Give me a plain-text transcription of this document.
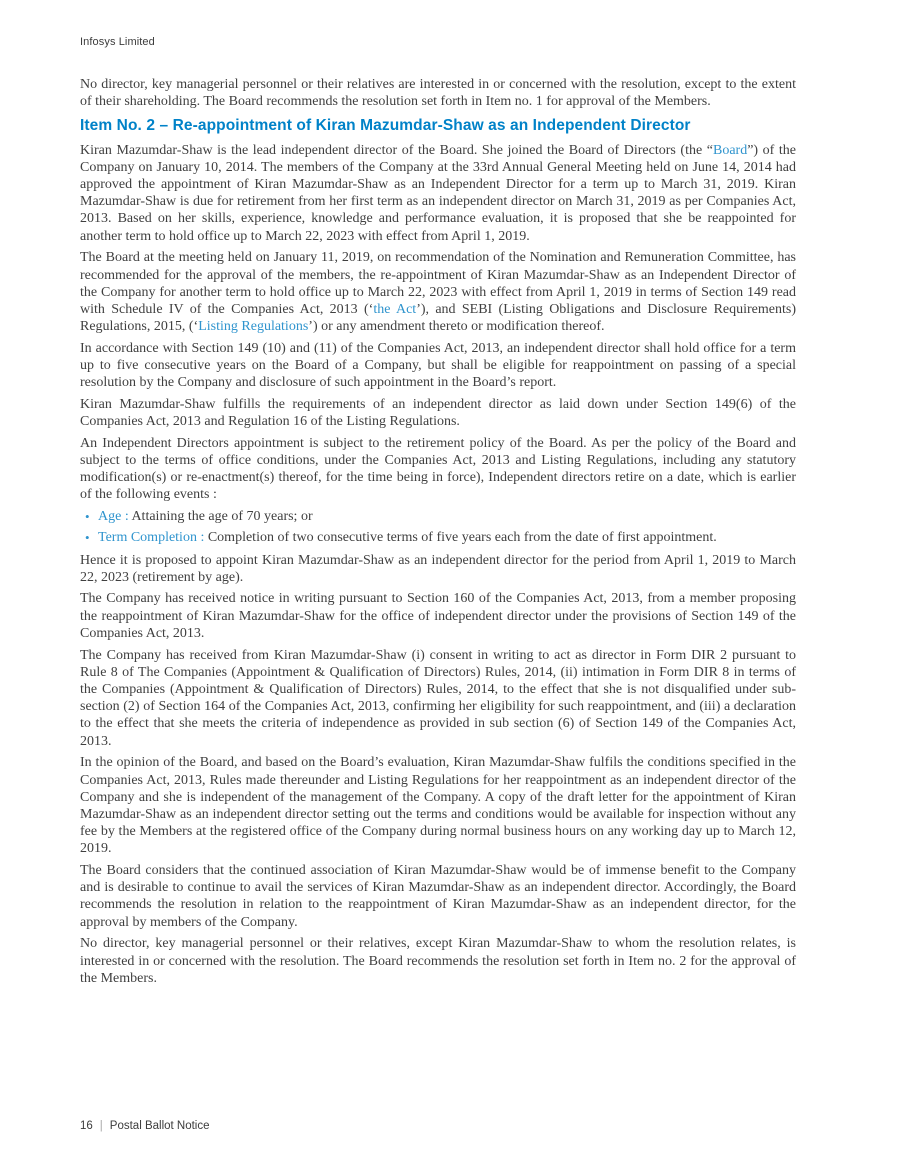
Infosys Limited

No director, key managerial personnel or their relatives are interested in or concerned with the resolution, except to the extent of their shareholding. The Board recommends the resolution set forth in Item no. 1 for approval of the Members.

Item No. 2 – Re-appointment of Kiran Mazumdar-Shaw as an Independent Director

Kiran Mazumdar-Shaw is the lead independent director of the Board. She joined the Board of Directors (the “Board”) of the Company on January 10, 2014. The members of the Company at the 33rd Annual General Meeting held on June 14, 2014 had approved the appointment of Kiran Mazumdar-Shaw as an Independent Director for a term up to March 31, 2019. Kiran Mazumdar-Shaw is due for retirement from her first term as an independent director on March 31, 2019 as per Companies Act, 2013. Based on her skills, experience, knowledge and performance evaluation, it is proposed that she be reappointed for another term to hold office up to March 22, 2023 with effect from April 1, 2019.

The Board at the meeting held on January 11, 2019, on recommendation of the Nomination and Remuneration Committee, has recommended for the approval of the members, the re-appointment of Kiran Mazumdar-Shaw as an Independent Director of the Company for another term to hold office up to March 22, 2023 with effect from April 1, 2019 in terms of Section 149 read with Schedule IV of the Companies Act, 2013 (‘the Act’), and SEBI (Listing Obligations and Disclosure Requirements) Regulations, 2015, (‘Listing Regulations’) or any amendment thereto or modification thereof.

In accordance with Section 149 (10) and (11) of the Companies Act, 2013, an independent director shall hold office for a term up to five consecutive years on the Board of a Company, but shall be eligible for reappointment on passing of a special resolution by the Company and disclosure of such appointment in the Board’s report.

Kiran Mazumdar-Shaw fulfills the requirements of an independent director as laid down under Section 149(6) of the Companies Act, 2013 and Regulation 16 of the Listing Regulations.

An Independent Directors appointment is subject to the retirement policy of the Board. As per the policy of the Board and subject to the terms of office conditions, under the Companies Act, 2013 and Listing Regulations, including any statutory modification(s) or re-enactment(s) thereof, for the time being in force), Independent directors retire on a date, which is earlier of the following events :

• Age : Attaining the age of 70 years; or
• Term Completion : Completion of two consecutive terms of five years each from the date of first appointment.

Hence it is proposed to appoint Kiran Mazumdar-Shaw as an independent director for the period from April 1, 2019 to March 22, 2023 (retirement by age).

The Company has received notice in writing pursuant to Section 160 of the Companies Act, 2013, from a member proposing the reappointment of Kiran Mazumdar-Shaw for the office of independent director under the provisions of Section 149 of the Companies Act, 2013.

The Company has received from Kiran Mazumdar-Shaw (i) consent in writing to act as director in Form DIR 2 pursuant to Rule 8 of The Companies (Appointment & Qualification of Directors) Rules, 2014, (ii) intimation in Form DIR 8 in terms of the Companies (Appointment & Qualification of Directors) Rules, 2014, to the effect that she is not disqualified under sub-section (2) of Section 164 of the Companies Act, 2013, confirming her eligibility for such reappointment, and (iii) a declaration to the effect that she meets the criteria of independence as provided in sub section (6) of Section 149 of the Companies Act, 2013.

In the opinion of the Board, and based on the Board’s evaluation, Kiran Mazumdar-Shaw fulfils the conditions specified in the Companies Act, 2013, Rules made thereunder and Listing Regulations for her reappointment as an independent director of the Company and she is independent of the management of the Company. A copy of the draft letter for the appointment of Kiran Mazumdar-Shaw as an independent director setting out the terms and conditions would be available for inspection without any fee by the Members at the registered office of the Company during normal business hours on any working day up to March 12, 2019.

The Board considers that the continued association of Kiran Mazumdar-Shaw would be of immense benefit to the Company and is desirable to continue to avail the services of Kiran Mazumdar-Shaw as an independent director. Accordingly, the Board recommends the resolution in relation to the reappointment of Kiran Mazumdar-Shaw as an independent director, for the approval by members of the Company.

No director, key managerial personnel or their relatives, except Kiran Mazumdar-Shaw to whom the resolution relates, is interested in or concerned with the resolution. The Board recommends the resolution set forth in Item no. 2 for the approval of the Members.

16 | Postal Ballot Notice
